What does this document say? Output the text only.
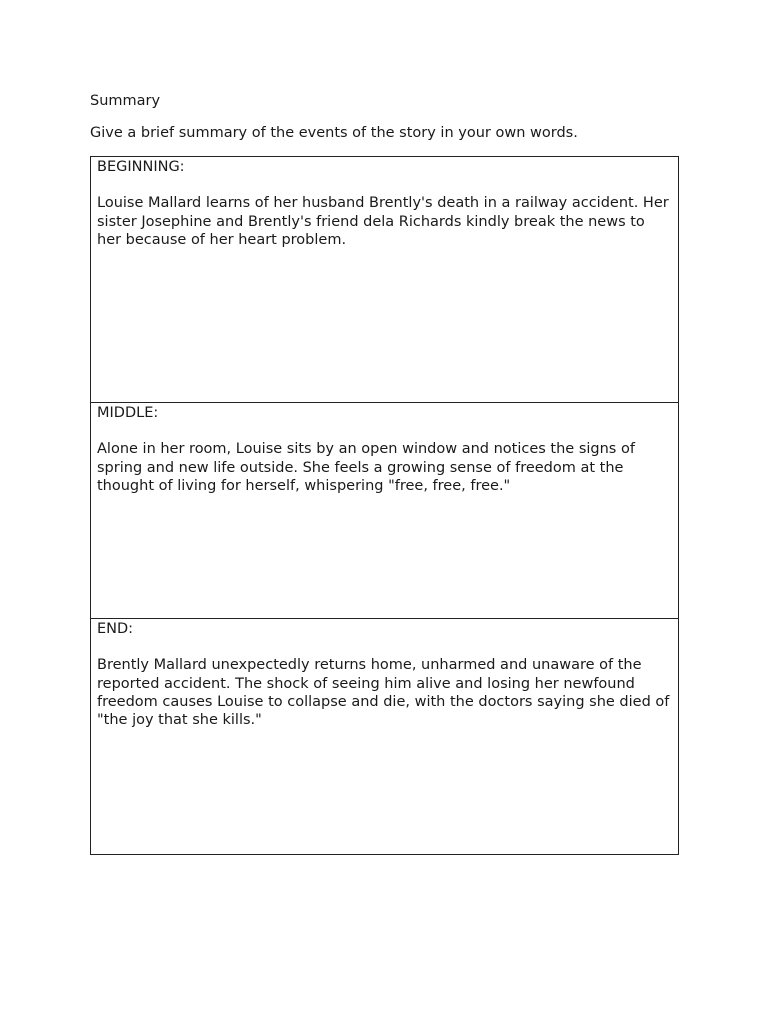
Summary

Give a brief summary of the events of the story in your own words.

BEGINNING:
Louise Mallard learns of her husband Brently's death in a railway accident. Her sister Josephine and Brently's friend dela Richards kindly break the news to her because of her heart problem.

MIDDLE:
Alone in her room, Louise sits by an open window and notices the signs of spring and new life outside. She feels a growing sense of freedom at the thought of living for herself, whispering "free, free, free."

END:
Brently Mallard unexpectedly returns home, unharmed and unaware of the reported accident. The shock of seeing him alive and losing her newfound freedom causes Louise to collapse and die, with the doctors saying she died of "the joy that she kills."
